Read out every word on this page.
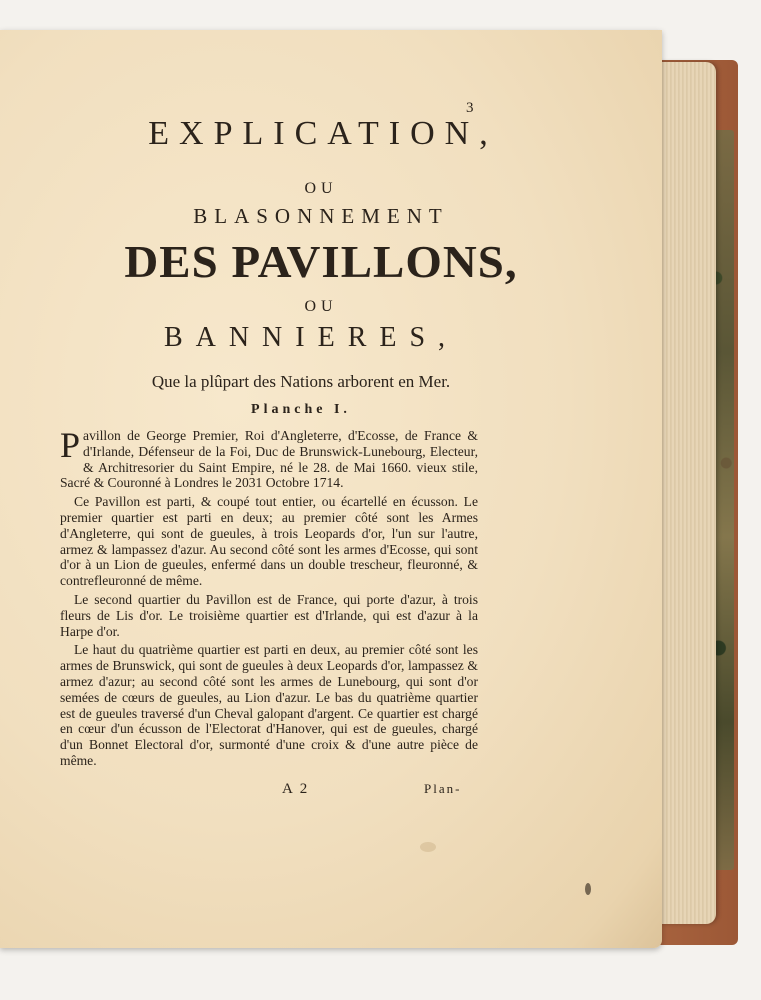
3
EXPLICATION,
OU
BLASONNEMENT
DES PAVILLONS,
OU
BANNIERES,
Que la plûpart des Nations arborent en Mer.
Planche I.

Pavillon de George Premier, Roi d'Angleterre, d'Ecosse, de France & d'Irlande, Défenseur de la Foi, Duc de Brunswick-Lunebourg, Electeur, & Architresorier du Saint Empire, né le 28. de Mai 1660. vieux stile, Sacré & Couronné à Londres le 2031 Octobre 1714.

Ce Pavillon est parti, & coupé tout entier, ou écartellé en écusson. Le premier quartier est parti en deux; au premier côté sont les Armes d'Angleterre, qui sont de gueules, à trois Leopards d'or, l'un sur l'autre, armez & lampassez d'azur. Au second côté sont les armes d'Ecosse, qui sont d'or à un Lion de gueules, enfermé dans un double trescheur, fleuronné, & contrefleuronné de même.

Le second quartier du Pavillon est de France, qui porte d'azur, à trois fleurs de Lis d'or. Le troisième quartier est d'Irlande, qui est d'azur à la Harpe d'or.

Le haut du quatrième quartier est parti en deux, au premier côté sont les armes de Brunswick, qui sont de gueules à deux Leopards d'or, lampassez & armez d'azur; au second côté sont les armes de Lunebourg, qui sont d'or semées de cœurs de gueules, au Lion d'azur. Le bas du quatrième quartier est de gueules traversé d'un Cheval galopant d'argent. Ce quartier est chargé en cœur d'un écusson de l'Electorat d'Hanover, qui est de gueules, chargé d'un Bonnet Electoral d'or, surmonté d'une croix & d'une autre pièce de même.

A 2	Plan-
